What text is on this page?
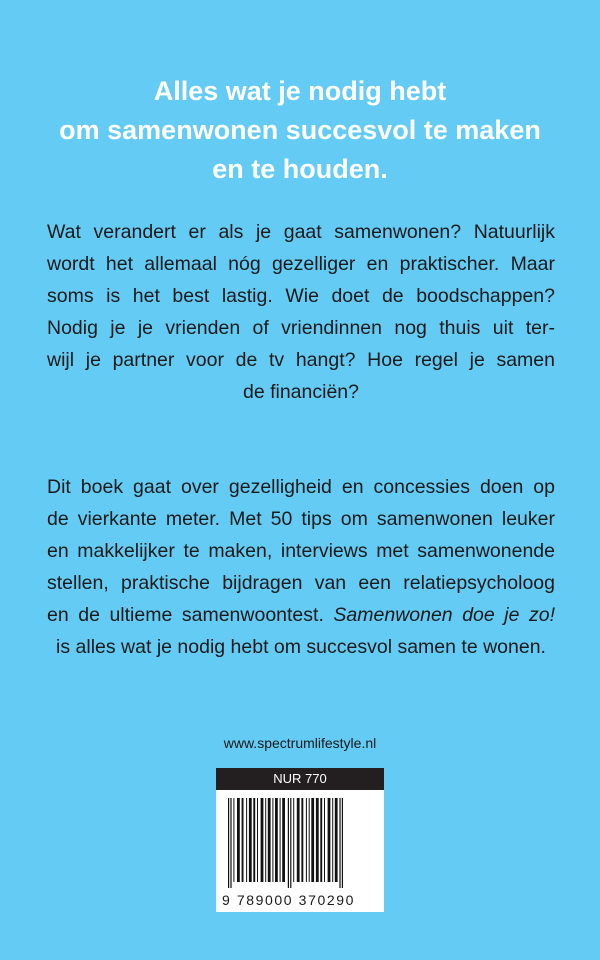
Alles wat je nodig hebt
om samenwonen succesvol te maken
en te houden.
Wat verandert er als je gaat samenwonen? Natuurlijk
wordt het allemaal nóg gezelliger en praktischer. Maar
soms is het best lastig. Wie doet de boodschappen?
Nodig je je vrienden of vriendinnen nog thuis uit ter-
wijl je partner voor de tv hangt? Hoe regel je samen
de financiën?
Dit boek gaat over gezelligheid en concessies doen op
de vierkante meter. Met 50 tips om samenwonen leuker
en makkelijker te maken, interviews met samenwonende
stellen, praktische bijdragen van een relatiepsycholoog
en de ultieme samenwoontest. Samenwonen doe je zo!
is alles wat je nodig hebt om succesvol samen te wonen.
www.spectrumlifestyle.nl
NUR 770
9 789000 370290
